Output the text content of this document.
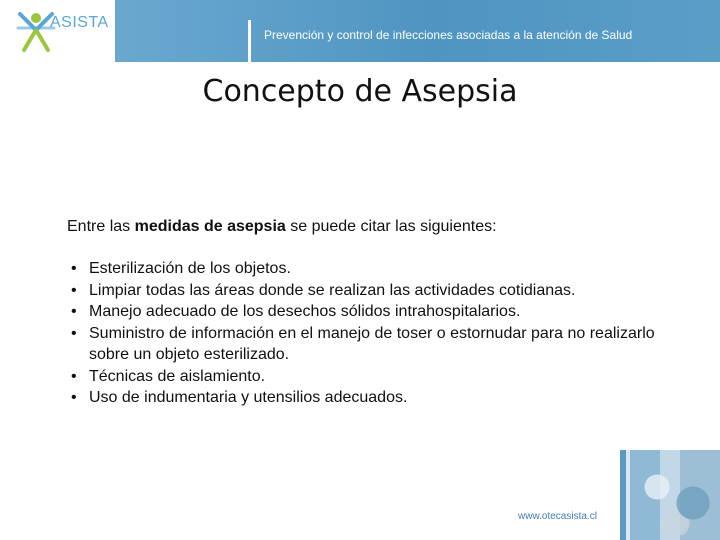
ASISTA
Prevención y control de infecciones asociadas a la atención de Salud
Concepto de Asepsia
Entre las medidas de asepsia se puede citar las siguientes:
• Esterilización de los objetos.
• Limpiar todas las áreas donde se realizan las actividades cotidianas.
• Manejo adecuado de los desechos sólidos intrahospitalarios.
• Suministro de información en el manejo de toser o estornudar para no realizarlo sobre un objeto esterilizado.
• Técnicas de aislamiento.
• Uso de indumentaria y utensilios adecuados.
www.otecasista.cl
